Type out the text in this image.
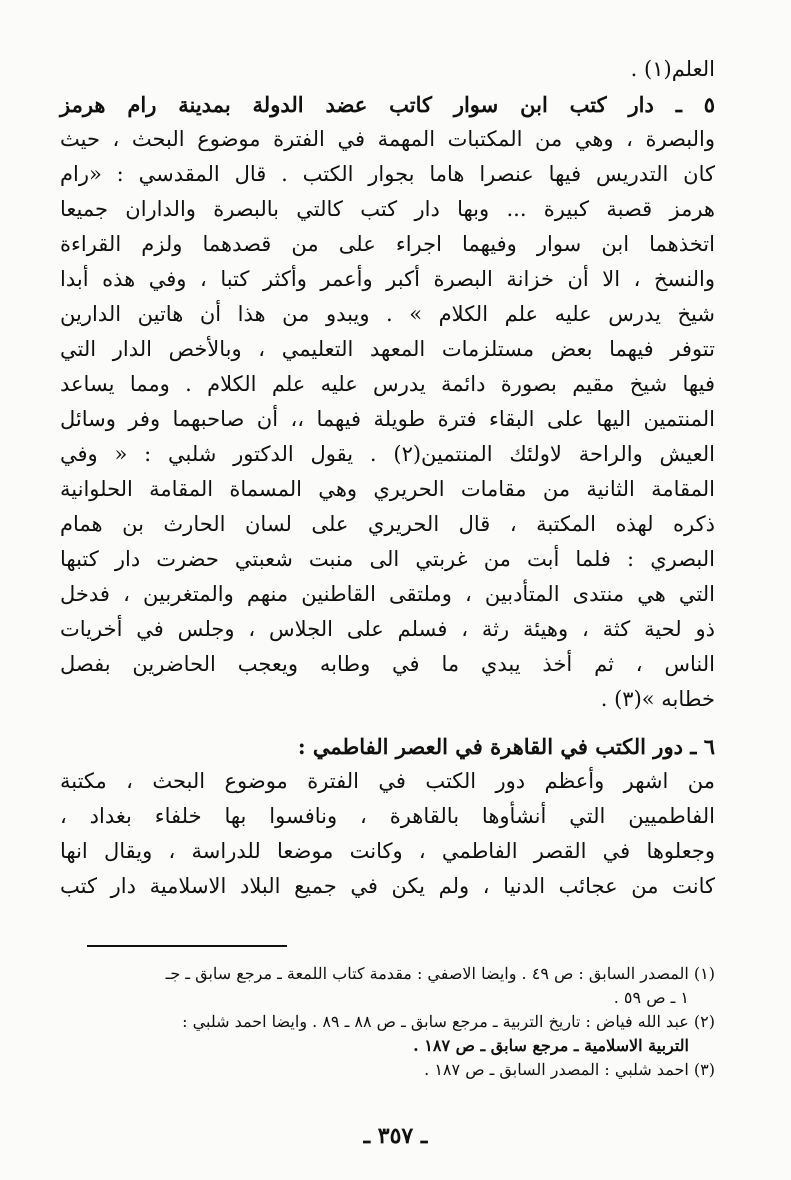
العلم(١) .
٥ ـ دار كتب ابن سوار كاتب عضد الدولة بمدينة رام هرمز
والبصرة ، وهي من المكتبات المهمة في الفترة موضوع البحث ، حيث
كان التدريس فيها عنصرا هاما بجوار الكتب . قال المقدسي : «رام
هرمز قصبة كبيرة ... وبها دار كتب كالتي بالبصرة والداران جميعا
اتخذهما ابن سوار وفيهما اجراء على من قصدهما ولزم القراءة
والنسخ ، الا أن خزانة البصرة أكبر وأعمر وأكثر كتبا ، وفي هذه أبدا
شيخ يدرس عليه علم الكلام » . ويبدو من هذا أن هاتين الدارين
تتوفر فيهما بعض مستلزمات المعهد التعليمي ، وبالأخص الدار التي
فيها شيخ مقيم بصورة دائمة يدرس عليه علم الكلام . ومما يساعد
المنتمين اليها على البقاء فترة طويلة فيهما ،، أن صاحبهما وفر وسائل
العيش والراحة لاولئك المنتمين(٢) . يقول الدكتور شلبي : « وفي
المقامة الثانية من مقامات الحريري وهي المسماة المقامة الحلوانية
ذكره لهذه المكتبة ، قال الحريري على لسان الحارث بن همام
البصري : فلما أبت من غربتي الى منبت شعبتي حضرت دار كتبها
التي هي منتدى المتأدبين ، وملتقى القاطنين منهم والمتغربين ، فدخل
ذو لحية كثة ، وهيئة رثة ، فسلم على الجلاس ، وجلس في أخريات
الناس ، ثم أخذ يبدي ما في وطابه ويعجب الحاضرين بفصل
خطابه »(٣) .
٦ ـ دور الكتب في القاهرة في العصر الفاطمي :
من اشهر وأعظم دور الكتب في الفترة موضوع البحث ، مكتبة
الفاطميين التي أنشأوها بالقاهرة ، ونافسوا بها خلفاء بغداد ،
وجعلوها في القصر الفاطمي ، وكانت موضعا للدراسة ، ويقال انها
كانت من عجائب الدنيا ، ولم يكن في جميع البلاد الاسلامية دار كتب
(١) المصدر السابق : ص ٤٩ . وايضا الاصفي : مقدمة كتاب اللمعة ـ مرجع سابق ـ جـ
١ ـ ص ٥٩ .
(٢) عبد الله فياض : تاريخ التربية ـ مرجع سابق ـ ص ٨٨ ـ ٨٩ . وايضا احمد شلبي :
التربية الاسلامية ـ مرجع سابق ـ ص ١٨٧ .
(٣) احمد شلبي : المصدر السابق ـ ص ١٨٧ .
ـ ٣٥٧ ـ
